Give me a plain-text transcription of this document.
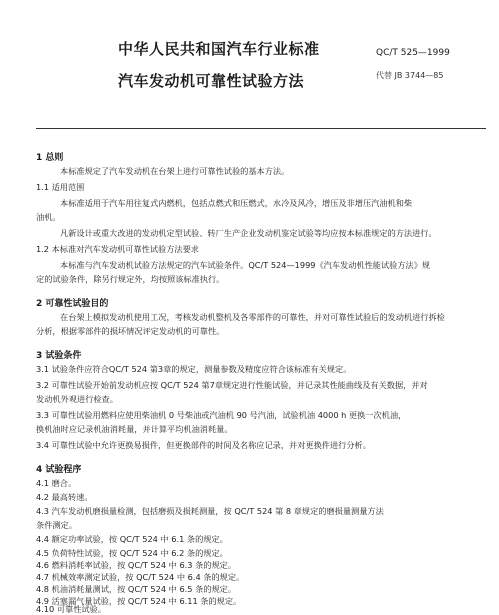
中华人民共和国汽车行业标准	QC/T 525—1999
汽车发动机可靠性试验方法	代替 JB 3744—85
1 总则
本标准规定了汽车发动机在台架上进行可靠性试验的基本方法。
1.1 适用范围
本标准适用于汽车用往复式内燃机，包括点燃式和压燃式，水冷及风冷，增压及非增压汽油机和柴
油机。
凡新设计或重大改进的发动机定型试验、转厂生产企业发动机鉴定试验等均应按本标准规定的方法进行。
1.2 本标准对汽车发动机可靠性试验方法要求
本标准与汽车发动机试验方法规定的汽车试验条件。QC/T 524—1999《汽车发动机性能试验方法》规
定的试验条件，除另行规定外，均按照该标准执行。
2 可靠性试验目的
在台架上模拟发动机使用工况，考核发动机整机及各零部件的可靠性，并对可靠性试验后的发动机进行拆检
分析，根据零部件的损坏情况评定发动机的可靠性。
3 试验条件
3.1 试验条件应符合QC/T 524 第3章的规定，测量参数及精度应符合该标准有关规定。
3.2 可靠性试验开始前发动机应按 QC/T 524 第7章规定进行性能试验，并记录其性能曲线及有关数据，并对
发动机外观进行检查。
3.3 可靠性试验用燃料应使用柴油机 0 号柴油或汽油机 90 号汽油，试验机油 4000 h 更换一次机油，
换机油时应记录机油消耗量，并计算平均机油消耗量。
3.4 可靠性试验中允许更换易损件，但更换部件的时间及名称应记录，并对更换件进行分析。
4 试验程序
4.1 磨合。
4.2 最高转速。
4.3 汽车发动机磨损量检测，包括磨损及损耗测量，按 QC/T 524 第 8 章规定的磨损量测量方法
条件测定。
4.4 额定功率试验，按 QC/T 524 中 6.1 条的规定。
4.5 负荷特性试验，按 QC/T 524 中 6.2 条的规定。
4.6 燃料消耗率试验，按 QC/T 524 中 6.3 条的规定。
4.7 机械效率测定试验，按 QC/T 524 中 6.4 条的规定。
4.8 机油消耗量测试，按 QC/T 524 中 6.5 条的规定。
4.9 活塞漏气量试验，按 QC/T 524 中 6.11 条的规定。
4.10 可靠性试验。
